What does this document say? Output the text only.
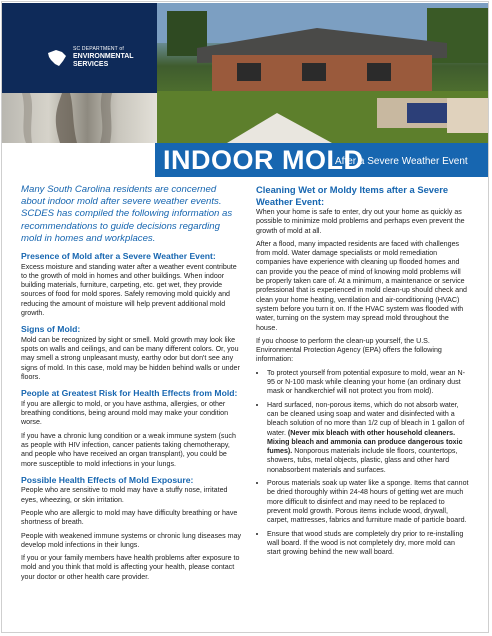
SC DEPARTMENT of
ENVIRONMENTAL
SERVICES
INDOOR MOLD
After a Severe Weather Event

Many South Carolina residents are concerned about indoor mold after severe weather events. SCDES has compiled the following information as recommendations to guide decisions regarding mold in homes and workplaces.

Presence of Mold after a Severe Weather Event:

Excess moisture and standing water after a weather event contribute to the growth of mold in homes and other buildings. When indoor building materials, furniture, carpeting, etc. get wet, they provide sources of food for mold spores. Safely removing mold quickly and reducing the amount of moisture will help prevent additional mold growth.

Signs of Mold:

Mold can be recognized by sight or smell. Mold growth may look like spots on walls and ceilings, and can be many different colors. Or, you may smell a strong unpleasant musty, earthy odor but don't see any signs of mold. In this case, mold may be hidden behind walls or under floors.

People at Greatest Risk for Health Effects from Mold:

If you are allergic to mold, or you have asthma, allergies, or other breathing conditions, being around mold may make your condition worse.

If you have a chronic lung condition or a weak immune system (such as people with HIV infection, cancer patients taking chemotherapy, and people who have received an organ transplant), you could be more susceptible to mold infections in your lungs.

Possible Health Effects of Mold Exposure:

People who are sensitive to mold may have a stuffy nose, irritated eyes, wheezing, or skin irritation.

People who are allergic to mold may have difficulty breathing or have shortness of breath.

People with weakened immune systems or chronic lung diseases may develop mold infections in their lungs.

If you or your family members have health problems after exposure to mold and you think that mold is affecting your health, please contact your doctor or other health care provider.

Cleaning Wet or Moldy Items after a Severe Weather Event:

When your home is safe to enter, dry out your home as quickly as possible to minimize mold problems and perhaps even prevent the growth of mold at all.

After a flood, many impacted residents are faced with challenges from mold. Water damage specialists or mold remediation companies have experience with cleaning up flooded homes and can provide you the peace of mind of knowing mold problems will be properly taken care of. At a minimum, a maintenance or service professional that is experienced in mold clean-up should check and clean your home heating, ventilation and air-conditioning (HVAC) system before you turn it on. If the HVAC system was flooded with water, turning on the system may spread mold throughout the house.

If you choose to perform the clean-up yourself, the U.S. Environmental Protection Agency (EPA) offers the following information:

• To protect yourself from potential exposure to mold, wear an N-95 or N-100 mask while cleaning your home (an ordinary dust mask or handkerchief will not protect you from mold).
• Hard surfaced, non-porous items, which do not absorb water, can be cleaned using soap and water and disinfected with a bleach solution of no more than 1/2 cup of bleach in 1 gallon of water. (Never mix bleach with other household cleaners. Mixing bleach and ammonia can produce dangerous toxic fumes). Nonporous materials include tile floors, countertops, showers, tubs, metal objects, plastic, glass and other hard nonabsorbent materials and surfaces.
• Porous materials soak up water like a sponge. Items that cannot be dried thoroughly within 24-48 hours of getting wet are much more difficult to disinfect and may need to be replaced to prevent mold growth. Porous items include wood, drywall, carpet, mattresses, fabrics and furniture made of particle board.
• Ensure that wood studs are completely dry prior to re-installing wall board. If the wood is not completely dry, more mold can start growing behind the new wall board.
